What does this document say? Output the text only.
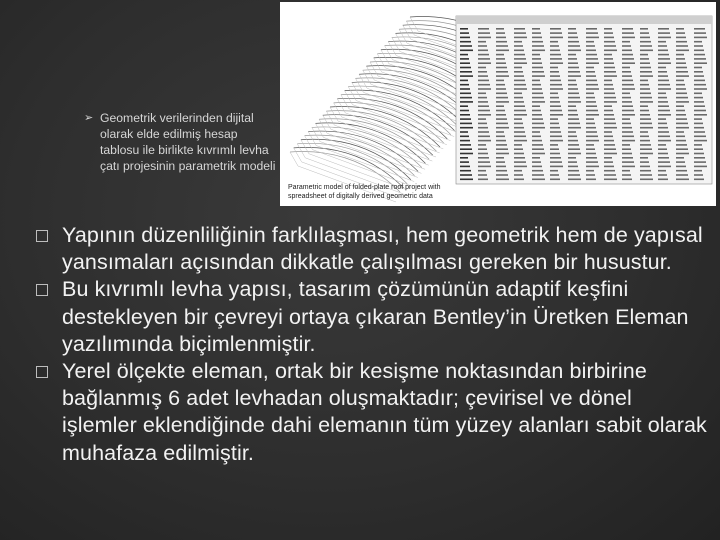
Parametric model of folded-plate roof project with
spreadsheet of digitally derived geometric data
➢ Geometrik verilerinden dijital olarak elde edilmiş hesap tablosu ile birlikte kıvrımlı levha çatı projesinin parametrik modeli
Yapının düzenliliğinin farklılaşması, hem geometrik hem de yapısal yansımaları açısından dikkatle çalışılması gereken bir husustur.
Bu kıvrımlı levha yapısı, tasarım çözümünün adaptif keşfini destekleyen bir çevreyi ortaya çıkaran Bentley’in Üretken Eleman yazılımında biçimlenmiştir.
Yerel ölçekte eleman, ortak bir kesişme noktasından birbirine bağlanmış 6 adet levhadan oluşmaktadır; çevirisel ve dönel işlemler eklendiğinde dahi elemanın tüm yüzey alanları sabit olarak muhafaza edilmiştir.
